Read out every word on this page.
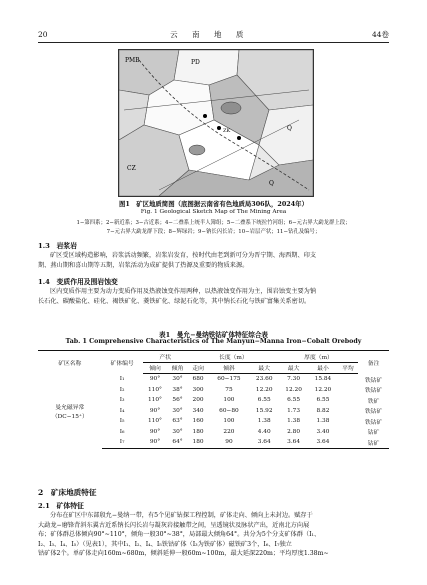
20	云 南 地 质	44卷
PMB	PD
Q
Q
ZK
CZ
图1　矿区地质简图（底图据云南省有色地质局306队，2024年）
Fig. 1 Geological Sketch Map of The Mining Area
1−第四系；2−新近系；3−古近系；4−二叠系上统半人簿组；5−二叠系下统拉竹河组；6−元古界大勐龙群上段；
7−元古界大勐龙群下段；8−辉绿岩；9−钠长闪长岩；10−岩层产状；11−钻孔及编号；
1.3　岩浆岩
矿区受区域构造影响，岩浆活动频繁，岩浆岩发育，按时代由老到新可分为晋宁期、海西期、印支
期、燕山期和喜山期等五期，岩浆活动为成矿提供了热源及重要的物质来源。
1.4　变质作用及围岩蚀变
区内变质作用主要为动力变质作用及热液蚀变作用两种，以热液蚀变作用为主，围岩蚀变主要为钠
长石化、碳酸盐化、硅化、褐铁矿化、菱铁矿化、绿泥石化等，其中钠长石化与铁矿富集关系密切。
表1　曼允−曼纳铁钴矿体特征综合表
Tab. 1 Comprehensive Characteristics of The Manyun−Manna Iron−Cobalt Orebody
矿区名称	矿体编号	产状		长度（m）			厚度（m）			备注
		倾向	倾角	走向	倾斜	最大	最大	最小	平均	

曼允磁异常
（DC−15⁺）	Ⅰ₁	90°	30°	680	60−175	23.60	7.30	15.84		铁钴矿
	Ⅰ₂	110°	38°	300	75	12.20	12.20	12.20		铁钴矿
	Ⅰ₃	110°	56°	200	100	6.55	6.55	6.55		铁矿
	Ⅰ₄	90°	30°	340	60−80	15.92	1.73	8.82		铁钴矿
	Ⅰ₅	110°	63°	160	100	1.38	1.38	1.38		铁钴矿
	Ⅰ₆	90°	30°	180	220	4.40	2.80	3.40		钴矿
	Ⅰ₇	90°	64°	180	90	3.64	3.64	3.64		钴矿
2　矿床地质特征
2.1　矿体特征
分布在矿区中东部殷允−曼纳一带，有5个见矿钻探工程控制，矿体走向、倾向上未封边。赋存于
大勐龙−磨锋背斜东翼古近系钠长闪长岩与凝灰岩接触带之间，呈透镜状及脉状产出，近南北方向展
布；矿体群总体倾向90°~110°，倾角一般30°~38°，局部最大倾角64°。共分为5个分支矿体群（Ⅰ₁、
Ⅰ₂、Ⅰ₃、Ⅰ₄、Ⅰ₅）（见表1），其中Ⅰ₁、Ⅰ₂、Ⅰ₄、Ⅰ₅铁钴矿体（Ⅰ₃为铁矿体）磁铁矿3个，Ⅰ₆、Ⅰ₇独立
钴矿体2个。单矿体走向160m~680m，倾斜延伸一般60m~100m，最大延深220m；平均厚度1.38m~
